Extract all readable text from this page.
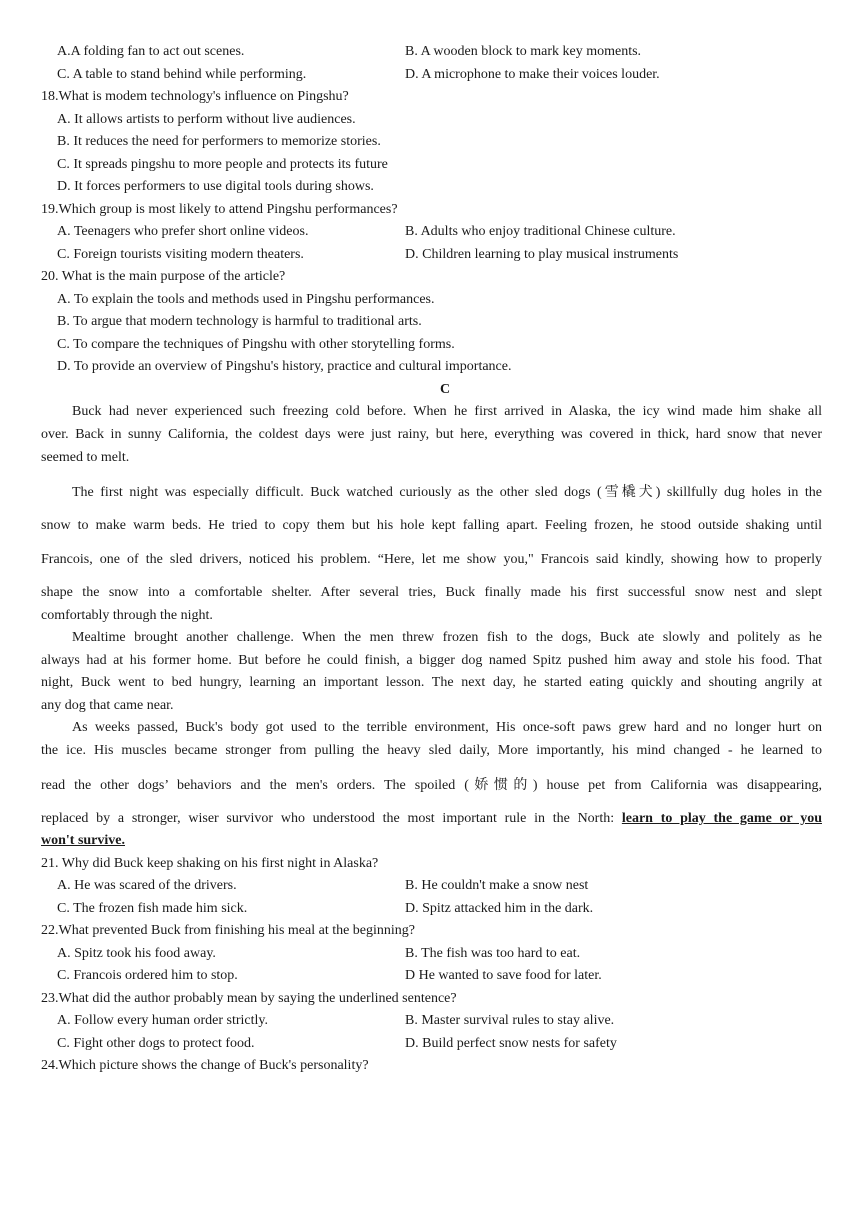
A.A folding fan to act out scenes.	B. A wooden block to mark key moments.
C. A table to stand behind while performing.	D. A microphone to make their voices louder.
18.What is modem technology's influence on Pingshu?
A. It allows artists to perform without live audiences.
B. It reduces the need for performers to memorize stories.
C. It spreads pingshu to more people and protects its future
D. It forces performers to use digital tools during shows.
19.Which group is most likely to attend Pingshu performances?
A. Teenagers who prefer short online videos.	B. Adults who enjoy traditional Chinese culture.
C. Foreign tourists visiting modern theaters.	D. Children learning to play musical instruments
20. What is the main purpose of the article?
A. To explain the tools and methods used in Pingshu performances.
B. To argue that modern technology is harmful to traditional arts.
C. To compare the techniques of Pingshu with other storytelling forms.
D. To provide an overview of Pingshu's history, practice and cultural importance.
C
Buck had never experienced such freezing cold before. When he first arrived in Alaska, the icy wind made him shake all
over. Back in sunny California, the coldest days were just rainy, but here, everything was covered in thick, hard snow that never
seemed to melt.
The first night was especially difficult. Buck watched curiously as the other sled dogs (雪橇犬) skillfully dug holes in the
snow to make warm beds. He tried to copy them but his hole kept falling apart. Feeling frozen, he stood outside shaking until
Francois, one of the sled drivers, noticed his problem. “Here, let me show you," Francois said kindly, showing how to properly
shape the snow into a comfortable shelter. After several tries, Buck finally made his first successful snow nest and slept
comfortably through the night.
Mealtime brought another challenge. When the men threw frozen fish to the dogs, Buck ate slowly and politely as he
always had at his former home. But before he could finish, a bigger dog named Spitz pushed him away and stole his food. That
night, Buck went to bed hungry, learning an important lesson. The next day, he started eating quickly and shouting angrily at
any dog that came near.
As weeks passed, Buck's body got used to the terrible environment, His once-soft paws grew hard and no longer hurt on
the ice. His muscles became stronger from pulling the heavy sled daily, More importantly, his mind changed - he learned to
read the other dogs’ behaviors and the men's orders. The spoiled (娇惯的) house pet from California was disappearing,
replaced by a stronger, wiser survivor who understood the most important rule in the North: learn to play the game or you
won't survive.
21. Why did Buck keep shaking on his first night in Alaska?
A. He was scared of the drivers.	B. He couldn't make a snow nest
C. The frozen fish made him sick.	D. Spitz attacked him in the dark.
22.What prevented Buck from finishing his meal at the beginning?
A. Spitz took his food away.	B. The fish was too hard to eat.
C. Francois ordered him to stop.	D He wanted to save food for later.
23.What did the author probably mean by saying the underlined sentence?
A. Follow every human order strictly.	B. Master survival rules to stay alive.
C. Fight other dogs to protect food.	D. Build perfect snow nests for safety
24.Which picture shows the change of Buck's personality?
